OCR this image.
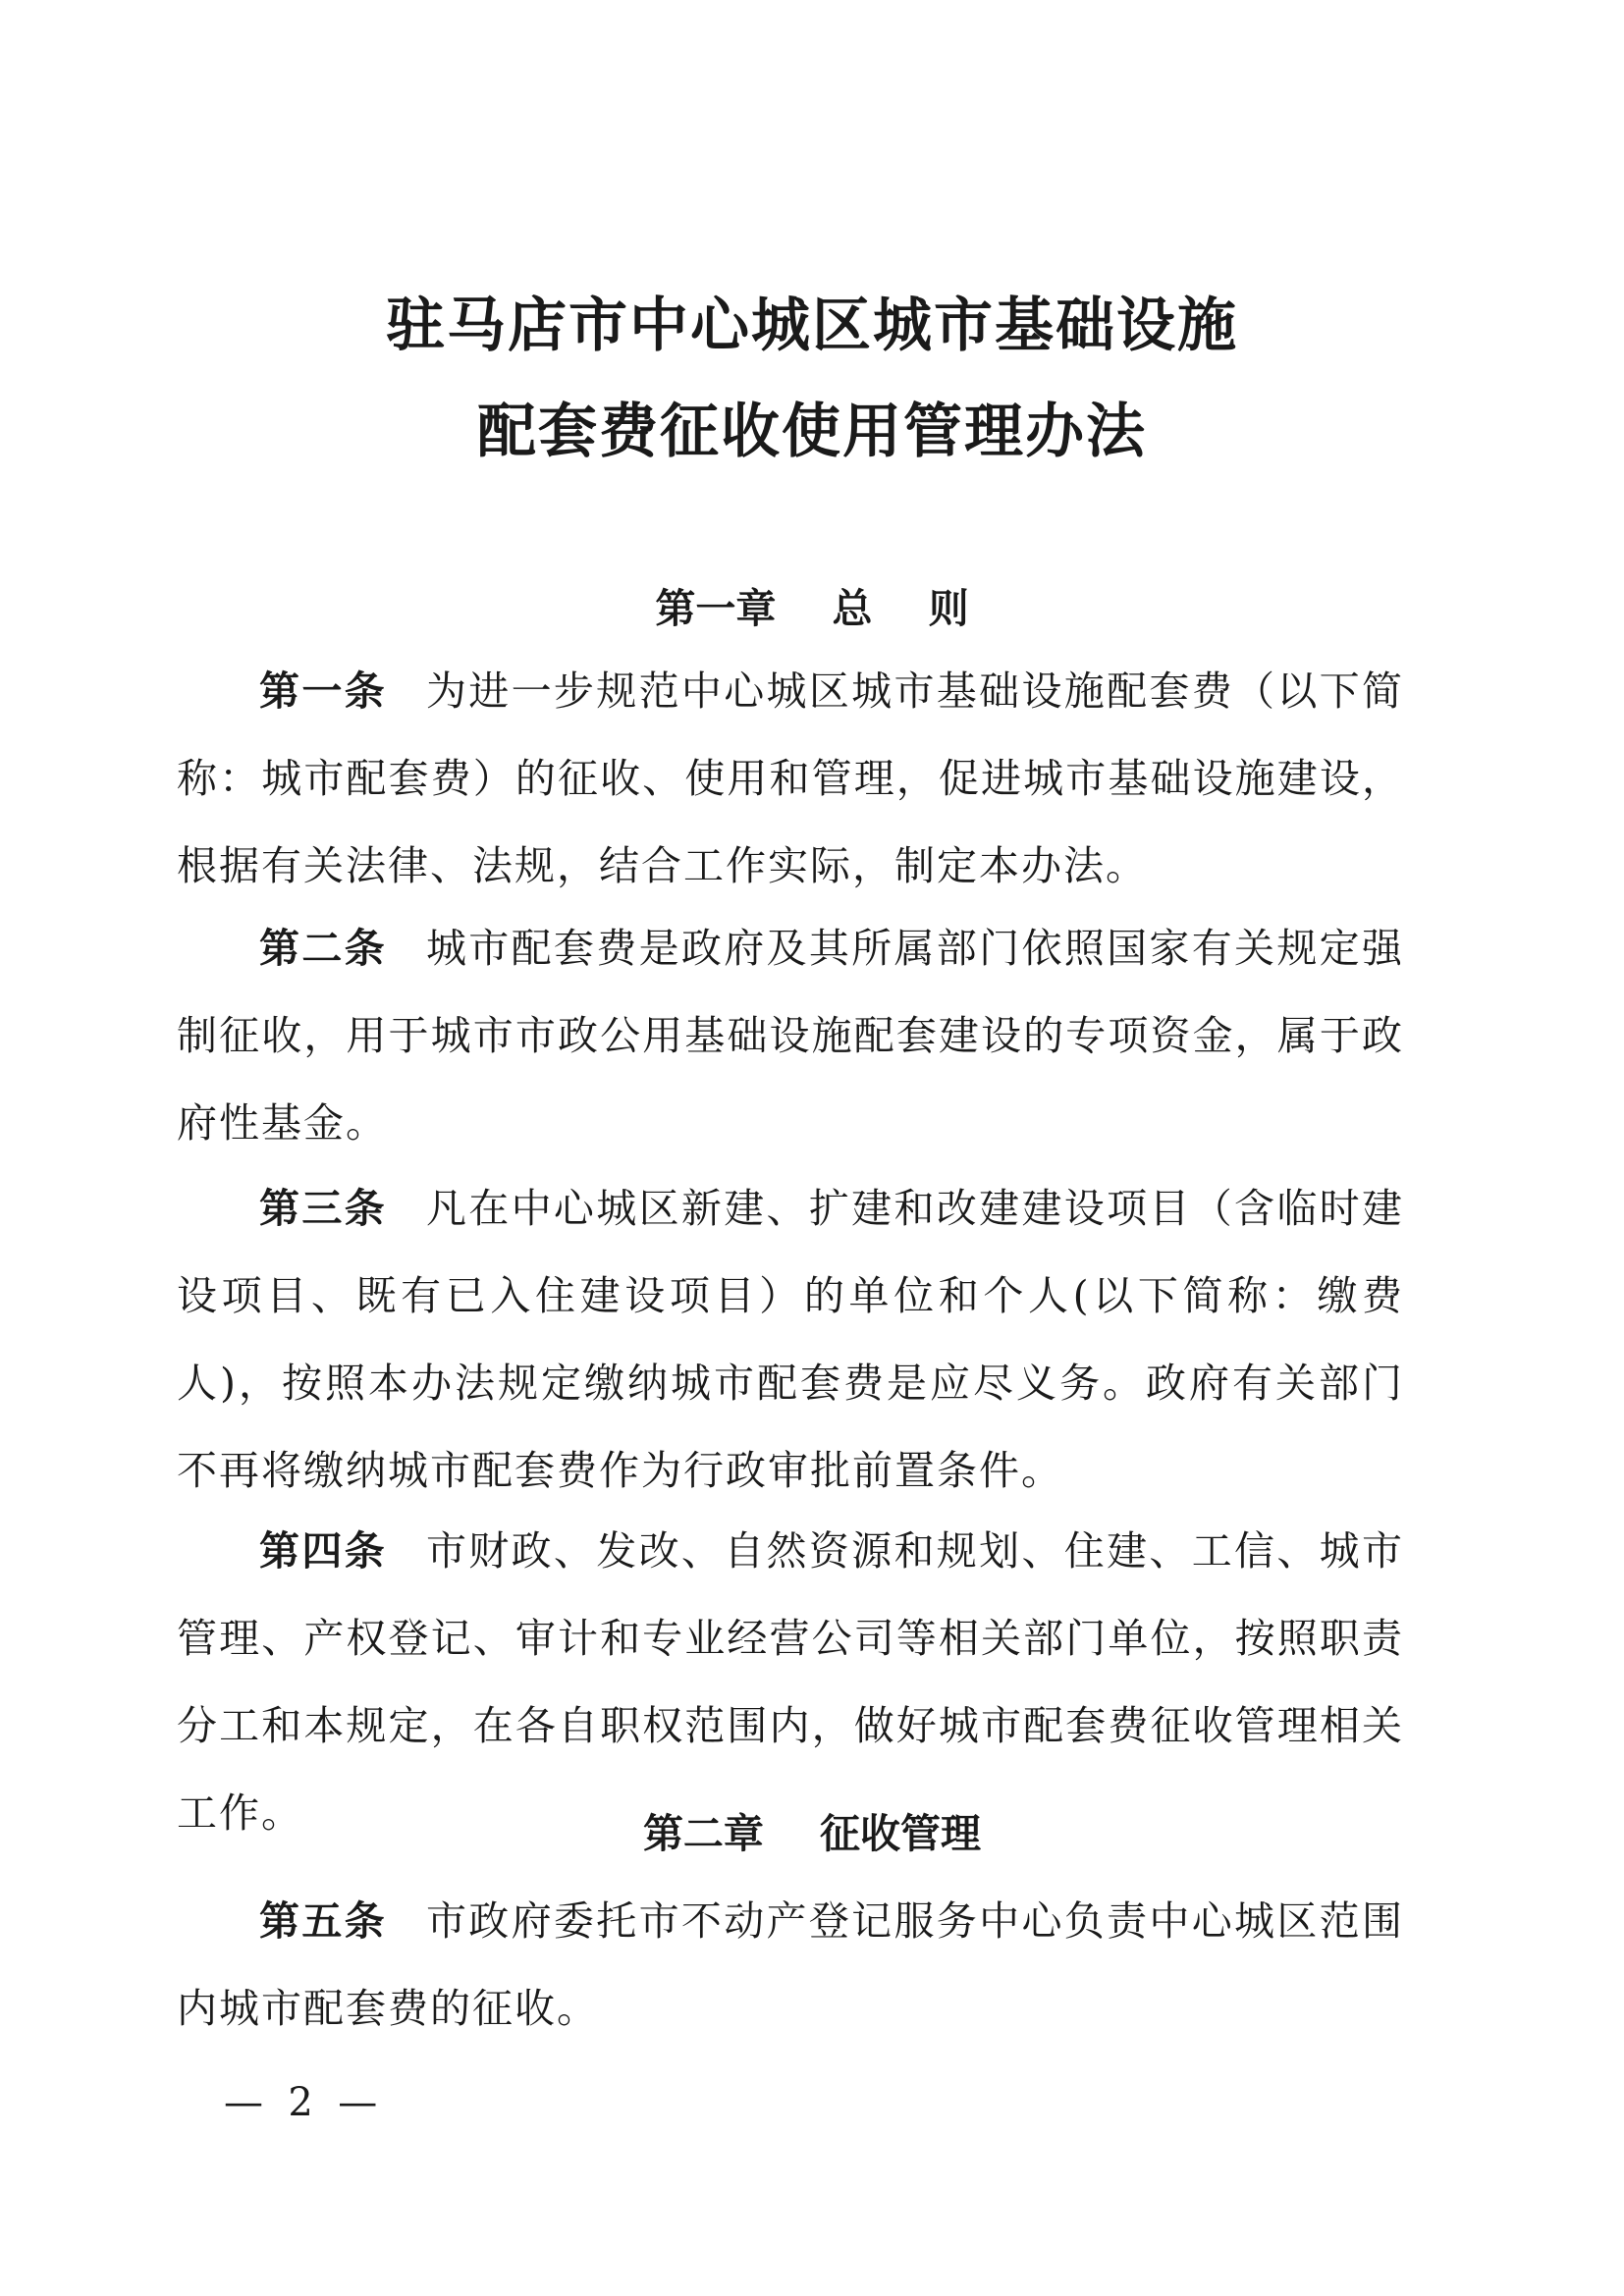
驻马店市中心城区城市基础设施
配套费征收使用管理办法
第一章    总    则
第一条 为进一步规范中心城区城市基础设施配套费（以下简称：城市配套费）的征收、使用和管理，促进城市基础设施建设，根据有关法律、法规，结合工作实际，制定本办法。
第二条 城市配套费是政府及其所属部门依照国家有关规定强制征收，用于城市市政公用基础设施配套建设的专项资金，属于政府性基金。
第三条 凡在中心城区新建、扩建和改建建设项目（含临时建设项目、既有已入住建设项目）的单位和个人(以下简称：缴费人)，按照本办法规定缴纳城市配套费是应尽义务。政府有关部门不再将缴纳城市配套费作为行政审批前置条件。
第四条 市财政、发改、自然资源和规划、住建、工信、城市管理、产权登记、审计和专业经营公司等相关部门单位，按照职责分工和本规定，在各自职权范围内，做好城市配套费征收管理相关工作。	第二章    征收管理
第五条 市政府委托市不动产登记服务中心负责中心城区范围内城市配套费的征收。
—  2  —
